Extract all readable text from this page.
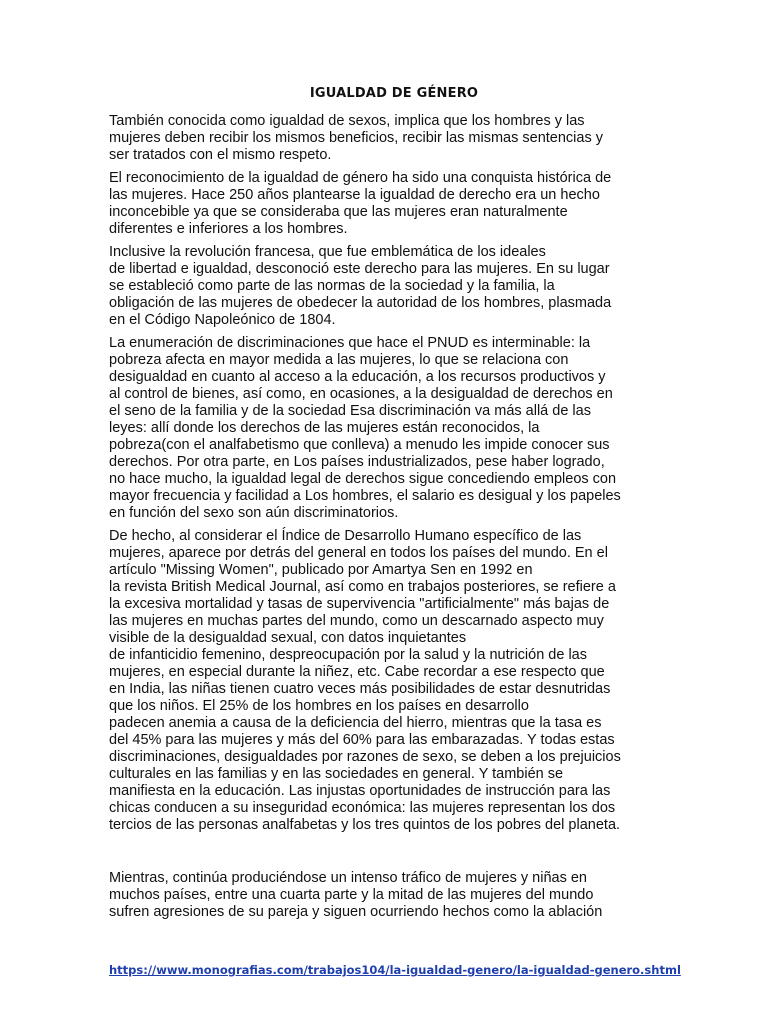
IGUALDAD DE GÉNERO

También conocida como igualdad de sexos, implica que los hombres y las
mujeres deben recibir los mismos beneficios, recibir las mismas sentencias y
ser tratados con el mismo respeto.

El reconocimiento de la igualdad de género ha sido una conquista histórica de
las mujeres. Hace 250 años plantearse la igualdad de derecho era un hecho
inconcebible ya que se consideraba que las mujeres eran naturalmente
diferentes e inferiores a los hombres.

Inclusive la revolución francesa, que fue emblemática de los ideales
de libertad e igualdad, desconoció este derecho para las mujeres. En su lugar
se estableció como parte de las normas de la sociedad y la familia, la
obligación de las mujeres de obedecer la autoridad de los hombres, plasmada
en el Código Napoleónico de 1804.

La enumeración de discriminaciones que hace el PNUD es interminable: la
pobreza afecta en mayor medida a las mujeres, lo que se relaciona con
desigualdad en cuanto al acceso a la educación, a los recursos productivos y
al control de bienes, así como, en ocasiones, a la desigualdad de derechos en
el seno de la familia y de la sociedad Esa discriminación va más allá de las
leyes: allí donde los derechos de las mujeres están reconocidos, la
pobreza(con el analfabetismo que conlleva) a menudo les impide conocer sus
derechos. Por otra parte, en Los países industrializados, pese haber logrado,
no hace mucho, la igualdad legal de derechos sigue concediendo empleos con
mayor frecuencia y facilidad a Los hombres, el salario es desigual y los papeles
en función del sexo son aún discriminatorios.

De hecho, al considerar el Índice de Desarrollo Humano específico de las
mujeres, aparece por detrás del general en todos los países del mundo. En el
artículo "Missing Women", publicado por Amartya Sen en 1992 en
la revista British Medical Journal, así como en trabajos posteriores, se refiere a
la excesiva mortalidad y tasas de supervivencia "artificialmente" más bajas de
las mujeres en muchas partes del mundo, como un descarnado aspecto muy
visible de la desigualdad sexual, con datos inquietantes
de infanticidio femenino, despreocupación por la salud y la nutrición de las
mujeres, en especial durante la niñez, etc. Cabe recordar a ese respecto que
en India, las niñas tienen cuatro veces más posibilidades de estar desnutridas
que los niños. El 25% de los hombres en los países en desarrollo
padecen anemia a causa de la deficiencia del hierro, mientras que la tasa es
del 45% para las mujeres y más del 60% para las embarazadas. Y todas estas
discriminaciones, desigualdades por razones de sexo, se deben a los prejuicios
culturales en las familias y en las sociedades en general. Y también se
manifiesta en la educación. Las injustas oportunidades de instrucción para las
chicas conducen a su inseguridad económica: las mujeres representan los dos
tercios de las personas analfabetas y los tres quintos de los pobres del planeta.

Mientras, continúa produciéndose un intenso tráfico de mujeres y niñas en
muchos países, entre una cuarta parte y la mitad de las mujeres del mundo
sufren agresiones de su pareja y siguen ocurriendo hechos como la ablación

https://www.monografias.com/trabajos104/la-igualdad-genero/la-igualdad-genero.shtml
